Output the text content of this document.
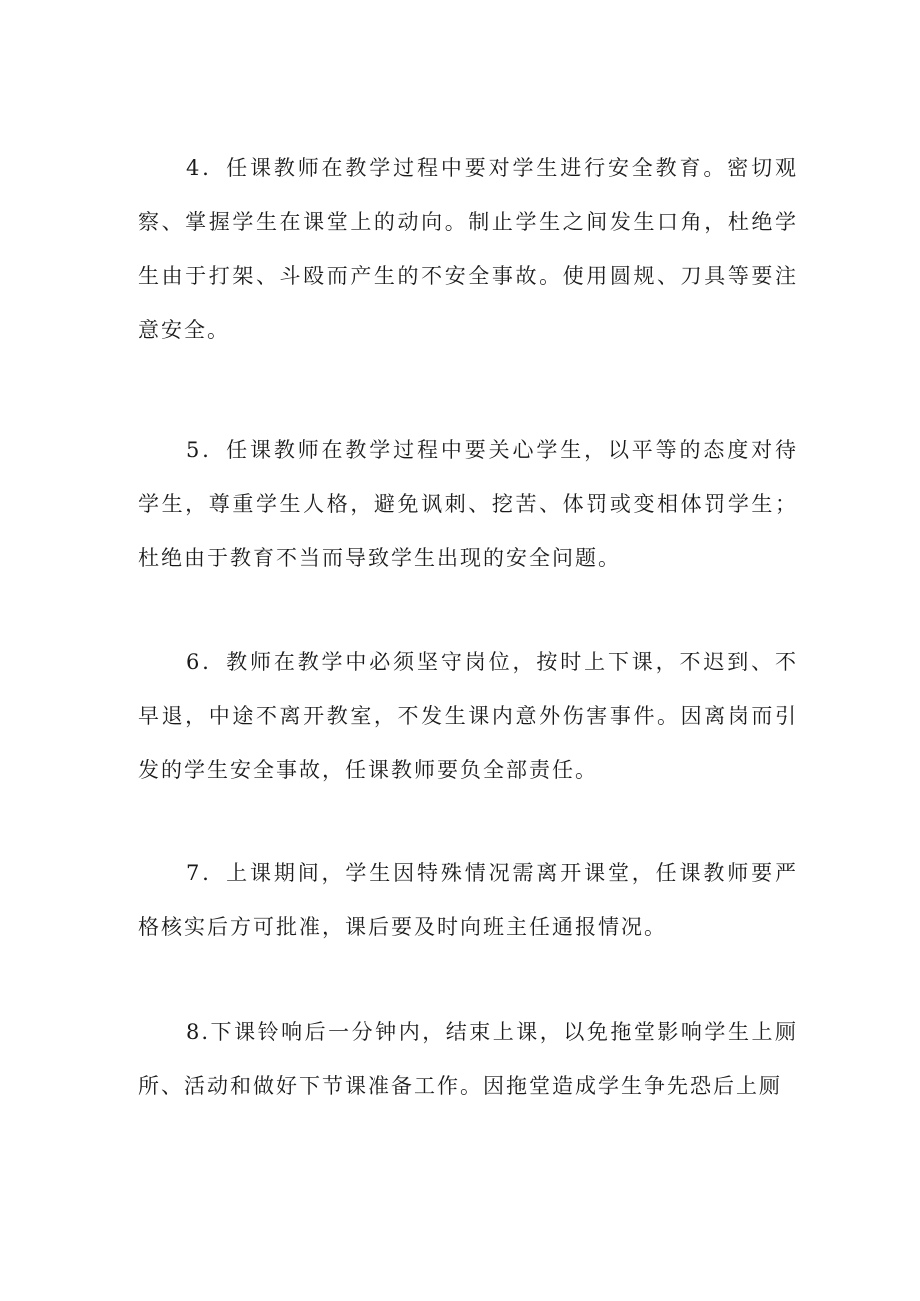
4．任课教师在教学过程中要对学生进行安全教育。密切观察、掌握学生在课堂上的动向。制止学生之间发生口角，杜绝学生由于打架、斗殴而产生的不安全事故。使用圆规、刀具等要注意安全。

5．任课教师在教学过程中要关心学生，以平等的态度对待学生，尊重学生人格，避免讽刺、挖苦、体罚或变相体罚学生；杜绝由于教育不当而导致学生出现的安全问题。

6．教师在教学中必须坚守岗位，按时上下课，不迟到、不早退，中途不离开教室，不发生课内意外伤害事件。因离岗而引发的学生安全事故，任课教师要负全部责任。

7．上课期间，学生因特殊情况需离开课堂，任课教师要严格核实后方可批准，课后要及时向班主任通报情况。

8.下课铃响后一分钟内，结束上课，以免拖堂影响学生上厕所、活动和做好下节课准备工作。因拖堂造成学生争先恐后上厕
